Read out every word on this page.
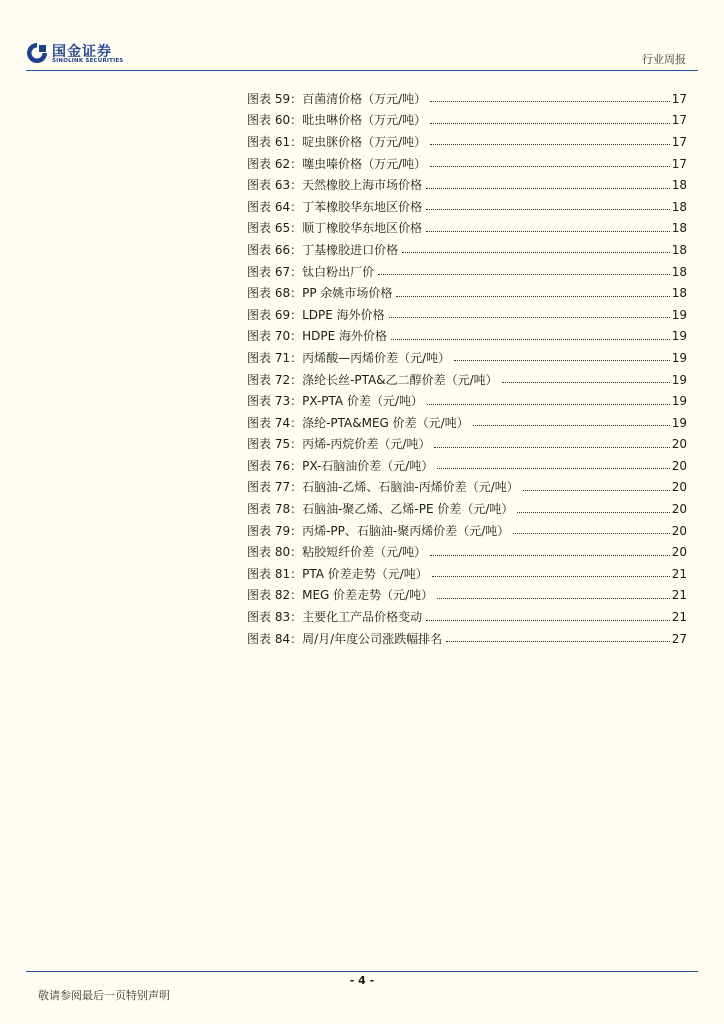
国金证券
SINOLINK SECURITIES	行业周报
图表 59： 百菌清价格（万元/吨）	17
图表 60： 吡虫啉价格（万元/吨）	17
图表 61： 啶虫脒价格（万元/吨）	17
图表 62： 噻虫嗪价格（万元/吨）	17
图表 63： 天然橡胶上海市场价格	18
图表 64： 丁苯橡胶华东地区价格	18
图表 65： 顺丁橡胶华东地区价格	18
图表 66： 丁基橡胶进口价格	18
图表 67： 钛白粉出厂价	18
图表 68： PP 余姚市场价格	18
图表 69： LDPE 海外价格	19
图表 70： HDPE 海外价格	19
图表 71： 丙烯酸—丙烯价差（元/吨）	19
图表 72： 涤纶长丝-PTA&乙二醇价差（元/吨）	19
图表 73： PX-PTA 价差（元/吨）	19
图表 74： 涤纶-PTA&MEG 价差（元/吨）	19
图表 75： 丙烯-丙烷价差（元/吨）	20
图表 76： PX-石脑油价差（元/吨）	20
图表 77： 石脑油-乙烯、石脑油-丙烯价差（元/吨）	20
图表 78： 石脑油-聚乙烯、乙烯-PE 价差（元/吨）	20
图表 79： 丙烯-PP、石脑油-聚丙烯价差（元/吨）	20
图表 80： 粘胶短纤价差（元/吨）	20
图表 81： PTA 价差走势（元/吨）	21
图表 82： MEG 价差走势（元/吨）	21
图表 83： 主要化工产品价格变动	21
图表 84： 周/月/年度公司涨跌幅排名	27
- 4 -
敬请参阅最后一页特别声明
